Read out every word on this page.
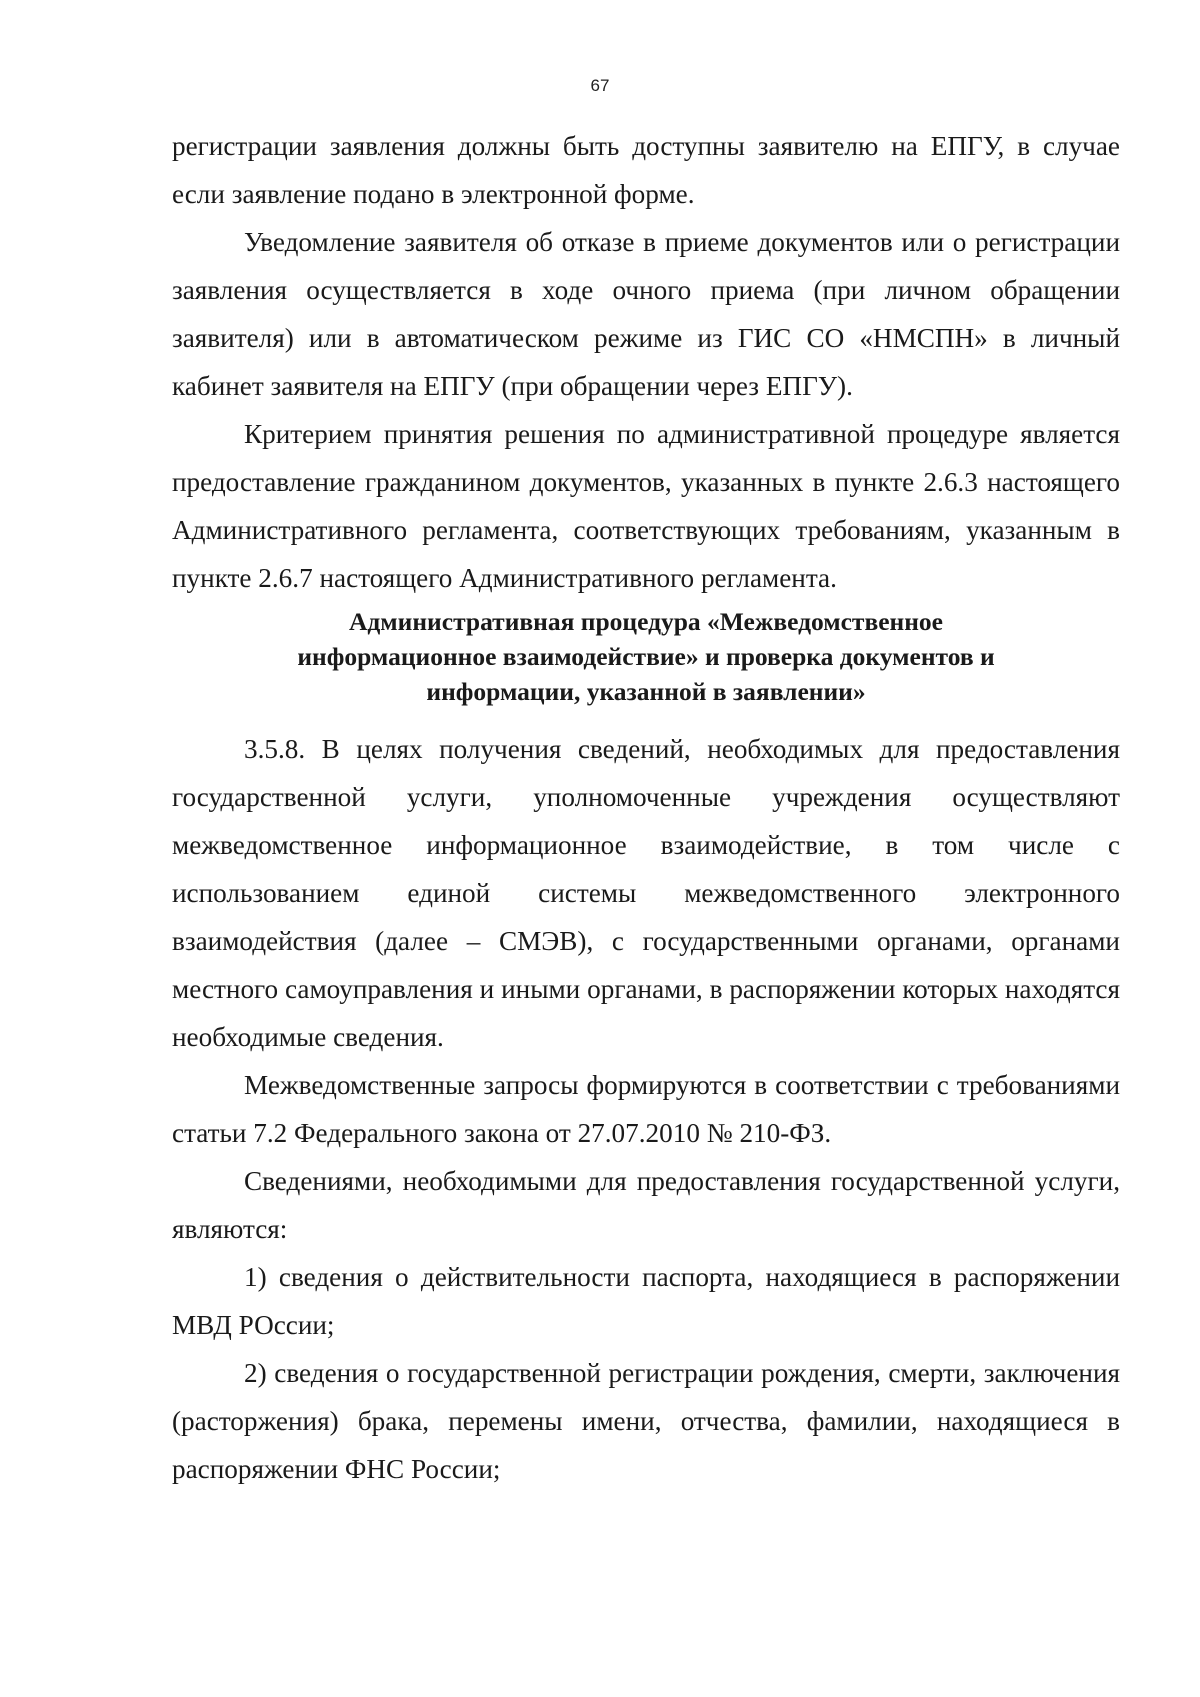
67

регистрации заявления должны быть доступны заявителю на ЕПГУ, в случае если заявление подано в электронной форме.

Уведомление заявителя об отказе в приеме документов или о регистрации заявления осуществляется в ходе очного приема (при личном обращении заявителя) или в автоматическом режиме из ГИС СО «НМСПН» в личный кабинет заявителя на ЕПГУ (при обращении через ЕПГУ).

Критерием принятия решения по административной процедуре является предоставление гражданином документов, указанных в пункте 2.6.3 настоящего Административного регламента, соответствующих требованиям, указанным в пункте 2.6.7 настоящего Административного регламента.

Административная процедура «Межведомственное
информационное взаимодействие» и проверка документов и
информации, указанной в заявлении»

3.5.8. В целях получения сведений, необходимых для предоставления государственной услуги, уполномоченные учреждения осуществляют межведомственное информационное взаимодействие, в том числе с использованием единой системы межведомственного электронного взаимодействия (далее – СМЭВ), с государственными органами, органами местного самоуправления и иными органами, в распоряжении которых находятся необходимые сведения.

Межведомственные запросы формируются в соответствии с требованиями статьи 7.2 Федерального закона от 27.07.2010 № 210-ФЗ.

Сведениями, необходимыми для предоставления государственной услуги, являются:

1) сведения о действительности паспорта, находящиеся в распоряжении МВД РОссии;

2) сведения о государственной регистрации рождения, смерти, заключения (расторжения) брака, перемены имени, отчества, фамилии, находящиеся в распоряжении ФНС России;
